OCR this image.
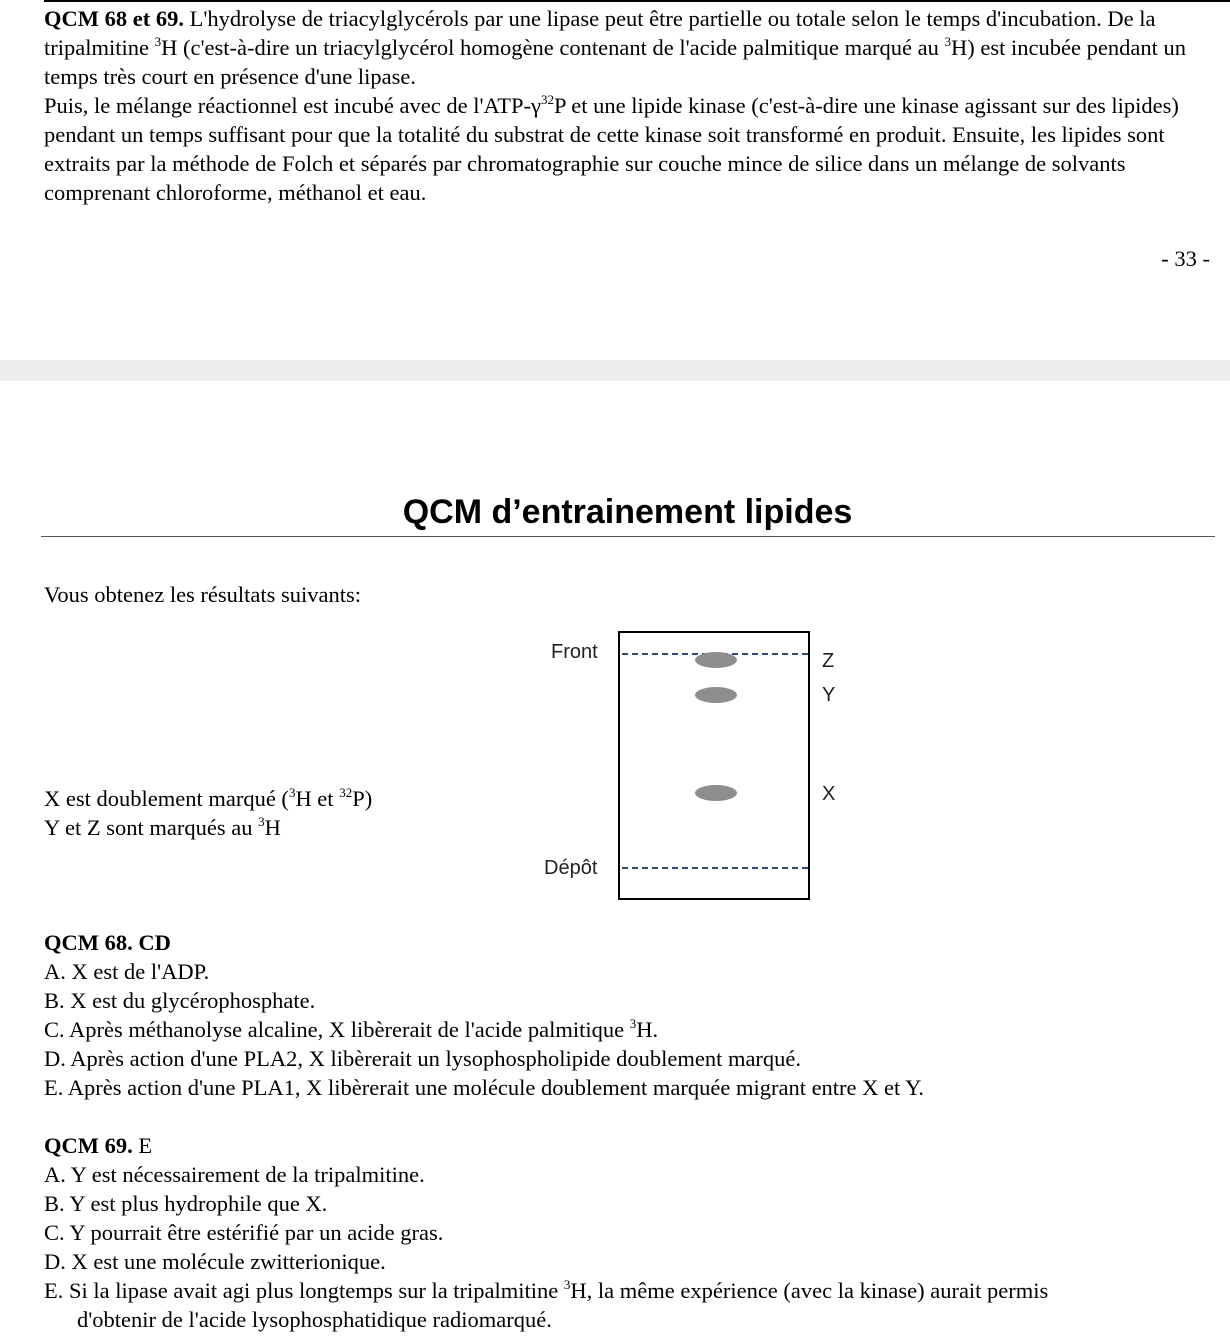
QCM 68 et 69. L'hydrolyse de triacylglycérols par une lipase peut être partielle ou totale selon le temps d'incubation. De la tripalmitine $^3$H (c'est-à-dire un triacylglycérol homogène contenant de l'acide palmitique marqué au $^3$H) est incubée pendant un temps très court en présence d'une lipase.
Puis, le mélange réactionnel est incubé avec de $l'ATP-\gamma^{32}P$ et une lipide kinase (c'est-à-dire une kinase agissant sur des lipides) pendant un temps suffisant pour que la totalité du substrat de cette kinase soit transformé en produit. Ensuite, les lipides sont extraits par la méthode de Folch et séparés par chromatographie sur couche mince de silice dans un mélange de solvants comprenant chloroforme, méthanol et eau.
- 33 -
QCM d’entrainement lipides
Vous obtenez les résultats suivants:
X est doublement marqué ($^3$H et $^{32}$P)
Y et Z sont marqués au $^3$H
Front
Dépôt
Z
Y
X
QCM 68. CD
A. X est de l'ADP.
B. X est du glycérophosphate.
C. Après méthanolyse alcaline, X libèrerait de l'acide palmitique $^3$H.
D. Après action d'une PLA2, X libèrerait un lysophospholipide doublement marqué.
E. Après action d'une PLA1, X libèrerait une molécule doublement marquée migrant entre X et Y.
QCM 69. E
A. Y est nécessairement de la tripalmitine.
B. Y est plus hydrophile que X.
C. Y pourrait être estérifié par un acide gras.
D. X est une molécule zwitterionique.
E. Si la lipase avait agi plus longtemps sur la tripalmitine $^3$H, la même expérience (avec la kinase) aurait permis
d'obtenir de l'acide lysophosphatidique radiomarqué.
